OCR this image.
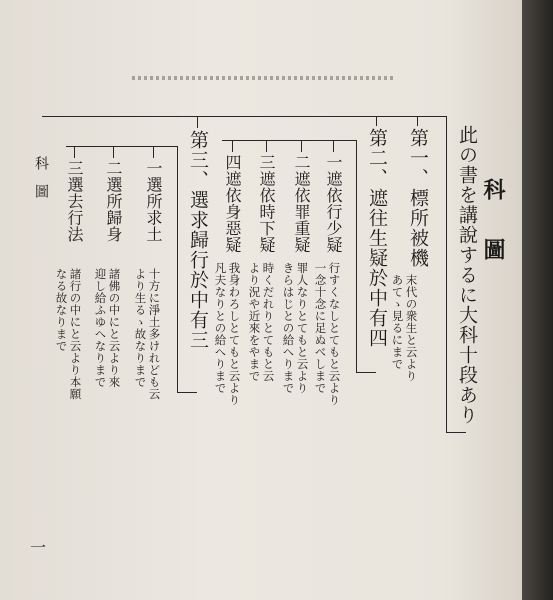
科　圖
此の書を講說するに大科十段あり
第一、標所被機
末代の衆生と云より
あてゝ見るにまで
第二、遮往生疑於中有四
一遮依行少疑
行すくなしとてもと云より
一念十念に足ぬべしまで
二遮依罪重疑
罪人なりとてもと云より
きらはじとの給へりまで
三遮依時下疑
時くだれりとてもと云
より況や近來をやまで
四遮依身惡疑
我身わろしとてもと云より
凡夫なりとの給へりまで
第三、選求歸行於中有三
一選所求土
十方に淨土多けれども云
より生るゝ故なりまで
二選所歸身
諸佛の中にと云より來
迎し給ふゆへなりまで
三選去行法
諸行の中にと云より本願
なる故なりまで
科圖
一
